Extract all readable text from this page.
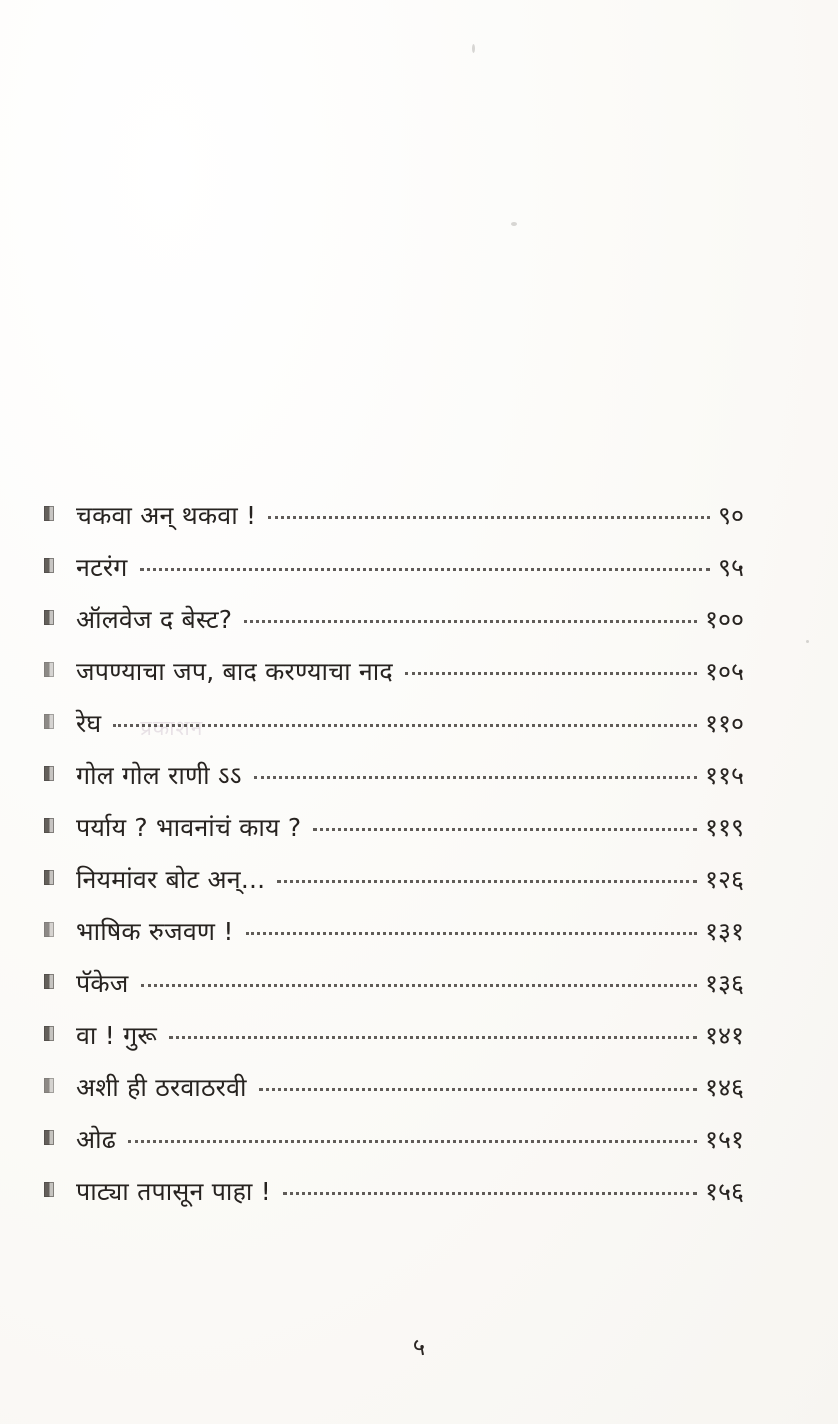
प्रकाशन
चकवा अन् थकवा !	९०
नटरंग	९५
ऑलवेज द बेस्ट?	१००
जपण्याचा जप, बाद करण्याचा नाद	१०५
रेघ	११०
गोल गोल राणी ऽऽ	११५
पर्याय ? भावनांचं काय ?	११९
नियमांवर बोट अन्...	१२६
भाषिक रुजवण !	१३१
पॅकेज	१३६
वा ! गुरू	१४१
अशी ही ठरवाठरवी	१४६
ओढ	१५१
पाट्या तपासून पाहा !	१५६
५
